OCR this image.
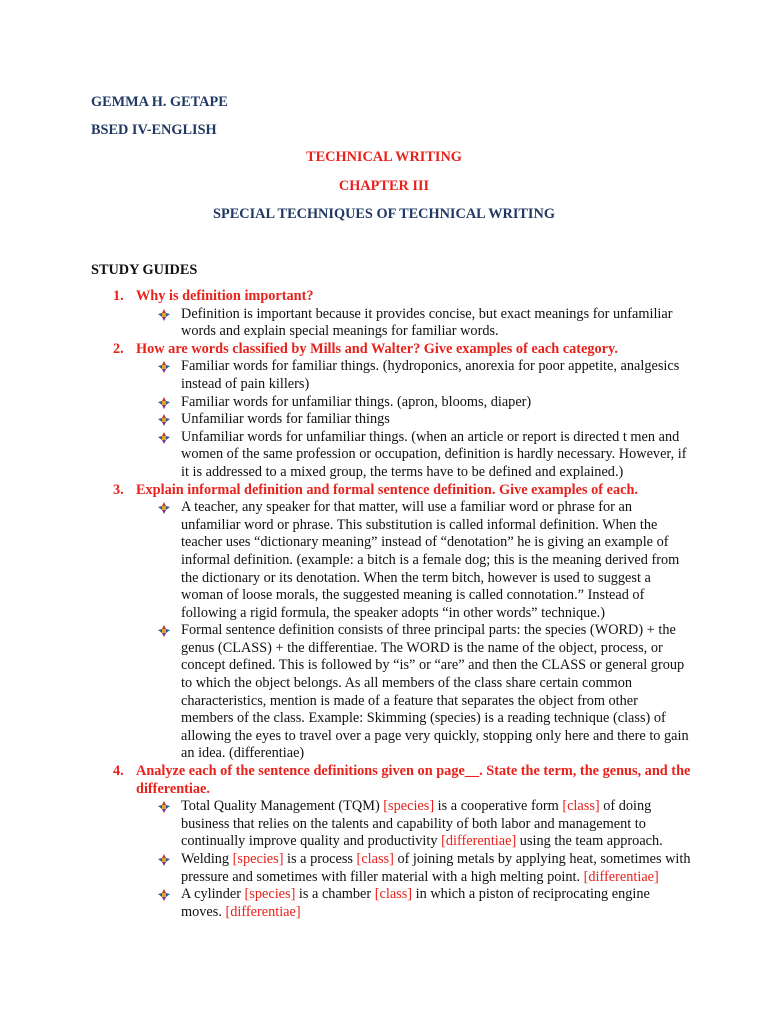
GEMMA H. GETAPE
BSED IV-ENGLISH
TECHNICAL WRITING
CHAPTER III
SPECIAL TECHNIQUES OF TECHNICAL WRITING
STUDY GUIDES
1. Why is definition important?
Definition is important because it provides concise, but exact meanings for unfamiliar words and explain special meanings for familiar words.
2. How are words classified by Mills and Walter? Give examples of each category.
Familiar words for familiar things. (hydroponics, anorexia for poor appetite, analgesics instead of pain killers)
Familiar words for unfamiliar things. (apron, blooms, diaper)
Unfamiliar words for familiar things
Unfamiliar words for unfamiliar things. (when an article or report is directed t men and women of the same profession or occupation, definition is hardly necessary. However, if it is addressed to a mixed group, the terms have to be defined and explained.)
3. Explain informal definition and formal sentence definition. Give examples of each.
A teacher, any speaker for that matter, will use a familiar word or phrase for an unfamiliar word or phrase. This substitution is called informal definition. When the teacher uses “dictionary meaning” instead of “denotation” he is giving an example of informal definition. (example: a bitch is a female dog; this is the meaning derived from the dictionary or its denotation. When the term bitch, however is used to suggest a woman of loose morals, the suggested meaning is called connotation.” Instead of following a rigid formula, the speaker adopts “in other words” technique.)
Formal sentence definition consists of three principal parts: the species (WORD) + the genus (CLASS) + the differentiae. The WORD is the name of the object, process, or concept defined. This is followed by “is” or “are” and then the CLASS or general group to which the object belongs. As all members of the class share certain common characteristics, mention is made of a feature that separates the object from other members of the class. Example: Skimming (species) is a reading technique (class) of allowing the eyes to travel over a page very quickly, stopping only here and there to gain an idea. (differentiae)
4. Analyze each of the sentence definitions given on page__. State the term, the genus, and the differentiae.
Total Quality Management (TQM) [species] is a cooperative form [class] of doing business that relies on the talents and capability of both labor and management to continually improve quality and productivity [differentiae] using the team approach.
Welding [species] is a process [class] of joining metals by applying heat, sometimes with pressure and sometimes with filler material with a high melting point. [differentiae]
A cylinder [species] is a chamber [class] in which a piston of reciprocating engine moves. [differentiae]
